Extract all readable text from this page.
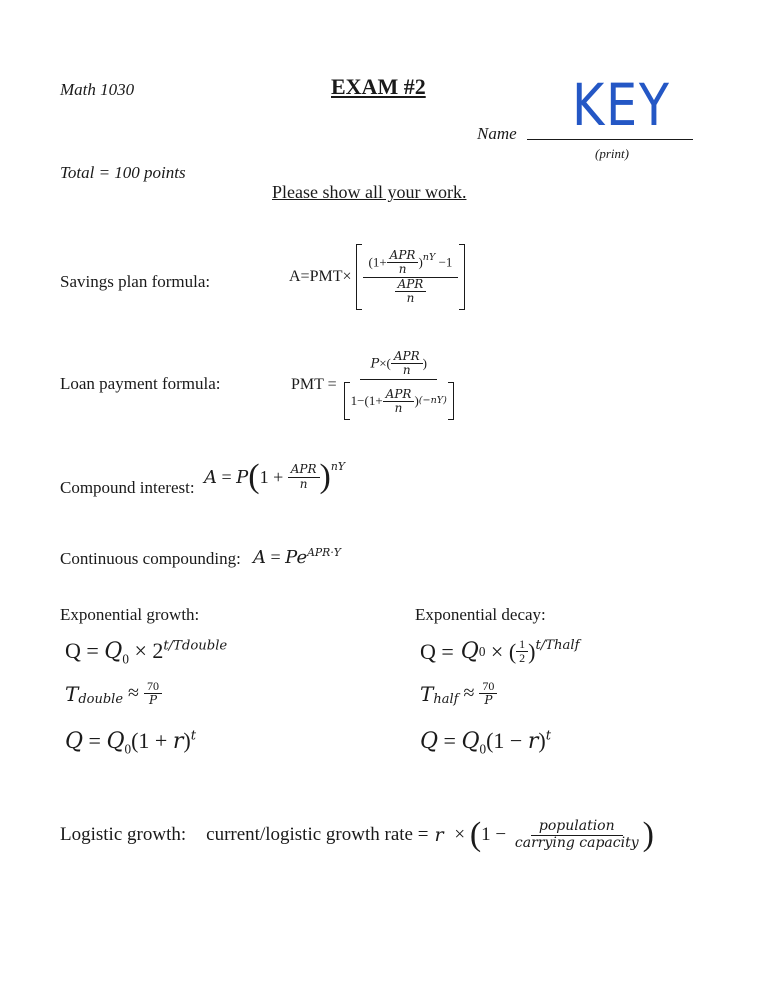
Math 1030	EXAM #2
Name KEY
(print)
Total = 100 points
Please show all your work.
Savings plan formula:	$A=PMT\times \frac{(1+ \frac{\text{APR}}{n} )^{nY} -1}{\frac{\text{APR}}{n}}$
Loan payment formula:	PMT = $\frac{P\times( \frac{\text{APR}}{n} )}{1-( 1+ \frac{\text{APR}}{n} ) (-nY)}$
Compound interest: A = P ( $1 + \frac{\text{APR}}{n} )^{nY}$
Continuous compounding: $A = Pe^{APR\cdot Y}$
Exponential growth:
$Q = Q_0 \times 2^{t/Tdouble}$
$T_{double} \approx \frac{70}{P}$
$Q = Q_0(1 + r)^t$
Exponential decay:
Q = Q 0 × ( $\frac{1}{2} )^{t/Thalf}$
$T_{half} \approx \frac{70}{P}$
$Q = Q_0(1 - r)^t$
Logistic growth: current/logistic growth rate = r × ( $1 - \frac{\text{population}}{\text{carrying capacity}}$ )
